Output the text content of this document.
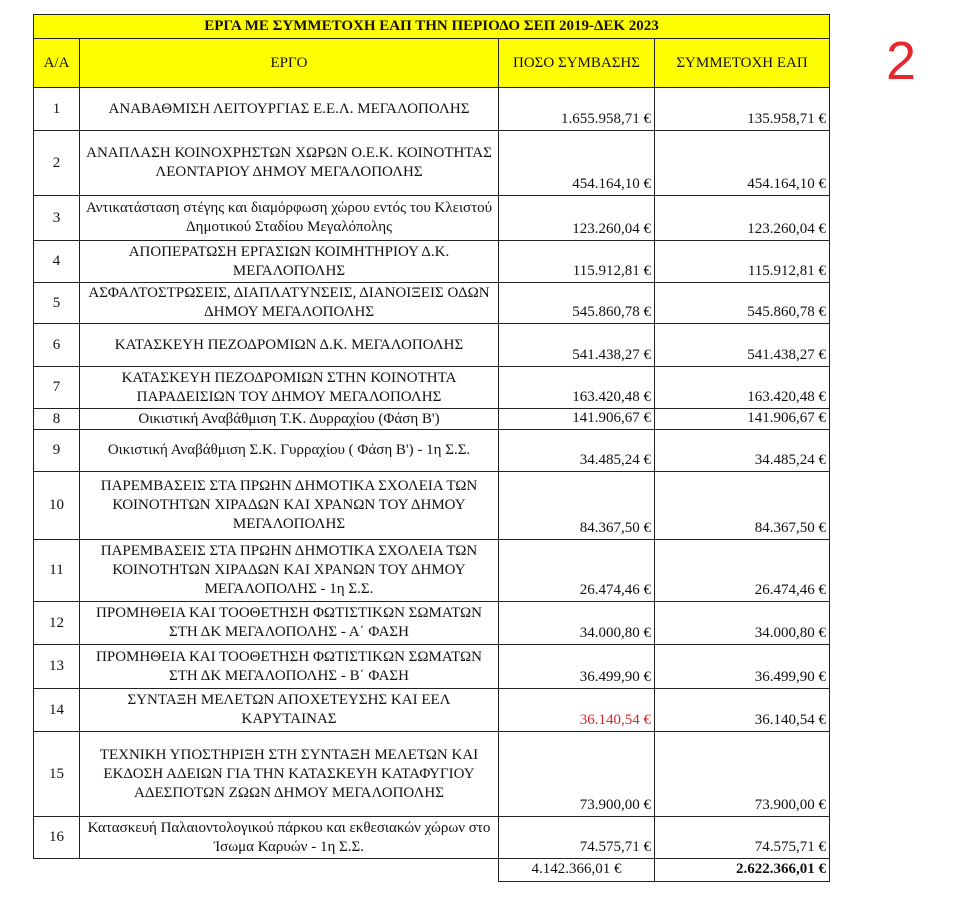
ΕΡΓΑ ΜΕ ΣΥΜΜΕΤΟΧΗ ΕΑΠ ΤΗΝ ΠΕΡΙΟΔΟ ΣΕΠ 2019-ΔΕΚ 2023			
Α/Α	ΕΡΓΟ	ΠΟΣΟ ΣΥΜΒΑΣΗΣ	ΣΥΜΜΕΤΟΧΗ ΕΑΠ
1	ΑΝΑΒΑΘΜΙΣΗ ΛΕΙΤΟΥΡΓΙΑΣ Ε.Ε.Λ. ΜΕΓΑΛΟΠΟΛΗΣ	1.655.958,71 €	135.958,71 €
2	ΑΝΑΠΛΑΣΗ ΚΟΙΝΟΧΡΗΣΤΩΝ ΧΩΡΩΝ Ο.Ε.Κ. ΚΟΙΝΟΤΗΤΑΣ ΛΕΟΝΤΑΡΙΟΥ ΔΗΜΟΥ ΜΕΓΑΛΟΠΟΛΗΣ	454.164,10 €	454.164,10 €
3	Αντικατάσταση στέγης και διαμόρφωση χώρου εντός του Κλειστού Δημοτικού Σταδίου Μεγαλόπολης	123.260,04 €	123.260,04 €
4	ΑΠΟΠΕΡΑΤΩΣΗ ΕΡΓΑΣΙΩΝ ΚΟΙΜΗΤΗΡΙΟΥ Δ.Κ. ΜΕΓΑΛΟΠΟΛΗΣ	115.912,81 €	115.912,81 €
5	ΑΣΦΑΛΤΟΣΤΡΩΣΕΙΣ, ΔΙΑΠΛΑΤΥΝΣΕΙΣ, ΔΙΑΝΟΙΞΕΙΣ ΟΔΩΝ ΔΗΜΟΥ ΜΕΓΑΛΟΠΟΛΗΣ	545.860,78 €	545.860,78 €
6	ΚΑΤΑΣΚΕΥΗ ΠΕΖΟΔΡΟΜΙΩΝ Δ.Κ. ΜΕΓΑΛΟΠΟΛΗΣ	541.438,27 €	541.438,27 €
7	ΚΑΤΑΣΚΕΥΗ ΠΕΖΟΔΡΟΜΙΩΝ ΣΤΗΝ ΚΟΙΝΟΤΗΤΑ ΠΑΡΑΔΕΙΣΙΩΝ ΤΟΥ ΔΗΜΟΥ ΜΕΓΑΛΟΠΟΛΗΣ	163.420,48 €	163.420,48 €
8	Οικιστική Αναβάθμιση Τ.Κ. Δυρραχίου (Φάση Β')	141.906,67 €	141.906,67 €
9	Οικιστική Αναβάθμιση Σ.Κ. Γυρραχίου ( Φάση Β') - 1η Σ.Σ.	34.485,24 €	34.485,24 €
10	ΠΑΡΕΜΒΑΣΕΙΣ ΣΤΑ ΠΡΩΗΝ ΔΗΜΟΤΙΚΑ ΣΧΟΛΕΙΑ ΤΩΝ ΚΟΙΝΟΤΗΤΩΝ ΧΙΡΑΔΩΝ ΚΑΙ ΧΡΑΝΩΝ ΤΟΥ ΔΗΜΟΥ ΜΕΓΑΛΟΠΟΛΗΣ	84.367,50 €	84.367,50 €
11	ΠΑΡΕΜΒΑΣΕΙΣ ΣΤΑ ΠΡΩΗΝ ΔΗΜΟΤΙΚΑ ΣΧΟΛΕΙΑ ΤΩΝ ΚΟΙΝΟΤΗΤΩΝ ΧΙΡΑΔΩΝ ΚΑΙ ΧΡΑΝΩΝ ΤΟΥ ΔΗΜΟΥ ΜΕΓΑΛΟΠΟΛΗΣ - 1η Σ.Σ.	26.474,46 €	26.474,46 €
12	ΠΡΟΜΗΘΕΙΑ ΚΑΙ ΤΟΟΘΕΤΗΣΗ ΦΩΤΙΣΤΙΚΩΝ ΣΩΜΑΤΩΝ ΣΤΗ ΔΚ ΜΕΓΑΛΟΠΟΛΗΣ - Α΄ ΦΑΣΗ	34.000,80 €	34.000,80 €
13	ΠΡΟΜΗΘΕΙΑ ΚΑΙ ΤΟΟΘΕΤΗΣΗ ΦΩΤΙΣΤΙΚΩΝ ΣΩΜΑΤΩΝ ΣΤΗ ΔΚ ΜΕΓΑΛΟΠΟΛΗΣ - Β΄ ΦΑΣΗ	36.499,90 €	36.499,90 €
14	ΣΥΝΤΑΞΗ ΜΕΛΕΤΩΝ ΑΠΟΧΕΤΕΥΣΗΣ ΚΑΙ ΕΕΛ ΚΑΡΥΤΑΙΝΑΣ	36.140,54 €	36.140,54 €
15	ΤΕΧΝΙΚΗ ΥΠΟΣΤΗΡΙΞΗ ΣΤΗ ΣΥΝΤΑΞΗ ΜΕΛΕΤΩΝ ΚΑΙ ΕΚΔΟΣΗ ΑΔΕΙΩΝ ΓΙΑ ΤΗΝ ΚΑΤΑΣΚΕΥΗ ΚΑΤΑΦΥΓΙΟΥ ΑΔΕΣΠΟΤΩΝ ΖΩΩΝ ΔΗΜΟΥ ΜΕΓΑΛΟΠΟΛΗΣ	73.900,00 €	73.900,00 €
16	Κατασκευή Παλαιοντολογικού πάρκου και εκθεσιακών χώρων στο Ίσωμα Καρυών - 1η Σ.Σ.	74.575,71 €	74.575,71 €
		4.142.366,01 €	2.622.366,01 €
2
